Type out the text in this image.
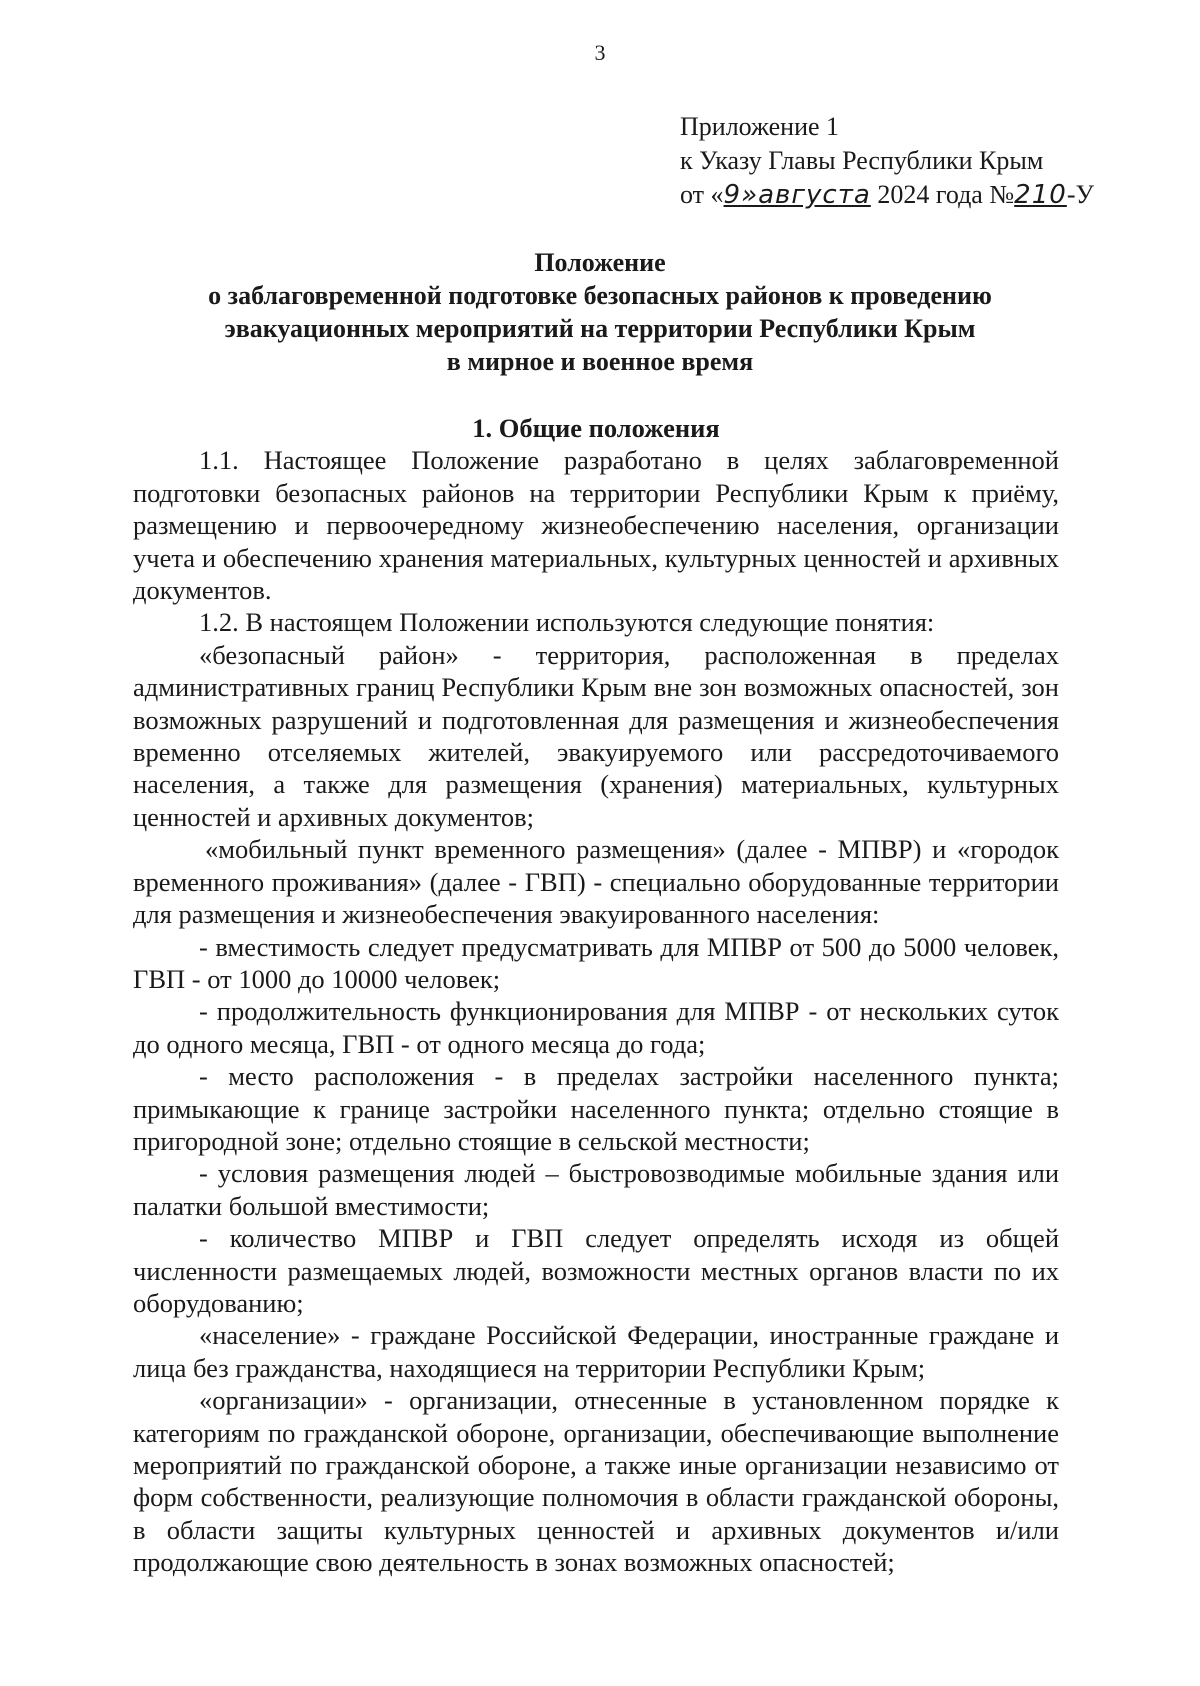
3
Приложение 1
к Указу Главы Республики Крым
от «9»августа 2024 года №210-У
Положение
о заблаговременной подготовке безопасных районов к проведению
эвакуационных мероприятий на территории Республики Крым
в мирное и военное время
1. Общие положения
1.1. Настоящее Положение разработано в целях заблаговременной подготовки безопасных районов на территории Республики Крым к приёму, размещению и первоочередному жизнеобеспечению населения, организации учета и обеспечению хранения материальных, культурных ценностей и архивных документов.
1.2. В настоящем Положении используются следующие понятия:
«безопасный район» - территория, расположенная в пределах административных границ Республики Крым вне зон возможных опасностей, зон возможных разрушений и подготовленная для размещения и жизнеобеспечения временно отселяемых жителей, эвакуируемого или рассредоточиваемого населения, а также для размещения (хранения) материальных, культурных ценностей и архивных документов;
«мобильный пункт временного размещения» (далее - МПВР) и «городок временного проживания» (далее - ГВП) - специально оборудованные территории для размещения и жизнеобеспечения эвакуированного населения:
- вместимость следует предусматривать для МПВР от 500 до 5000 человек, ГВП - от 1000 до 10000 человек;
- продолжительность функционирования для МПВР - от нескольких суток до одного месяца, ГВП - от одного месяца до года;
- место расположения - в пределах застройки населенного пункта; примыкающие к границе застройки населенного пункта; отдельно стоящие в пригородной зоне; отдельно стоящие в сельской местности;
- условия размещения людей – быстровозводимые мобильные здания или палатки большой вместимости;
- количество МПВР и ГВП следует определять исходя из общей численности размещаемых людей, возможности местных органов власти по их оборудованию;
«население» - граждане Российской Федерации, иностранные граждане и лица без гражданства, находящиеся на территории Республики Крым;
«организации» - организации, отнесенные в установленном порядке к категориям по гражданской обороне, организации, обеспечивающие выполнение мероприятий по гражданской обороне, а также иные организации независимо от форм собственности, реализующие полномочия в области гражданской обороны, в области защиты культурных ценностей и архивных документов и/или продолжающие свою деятельность в зонах возможных опасностей;
